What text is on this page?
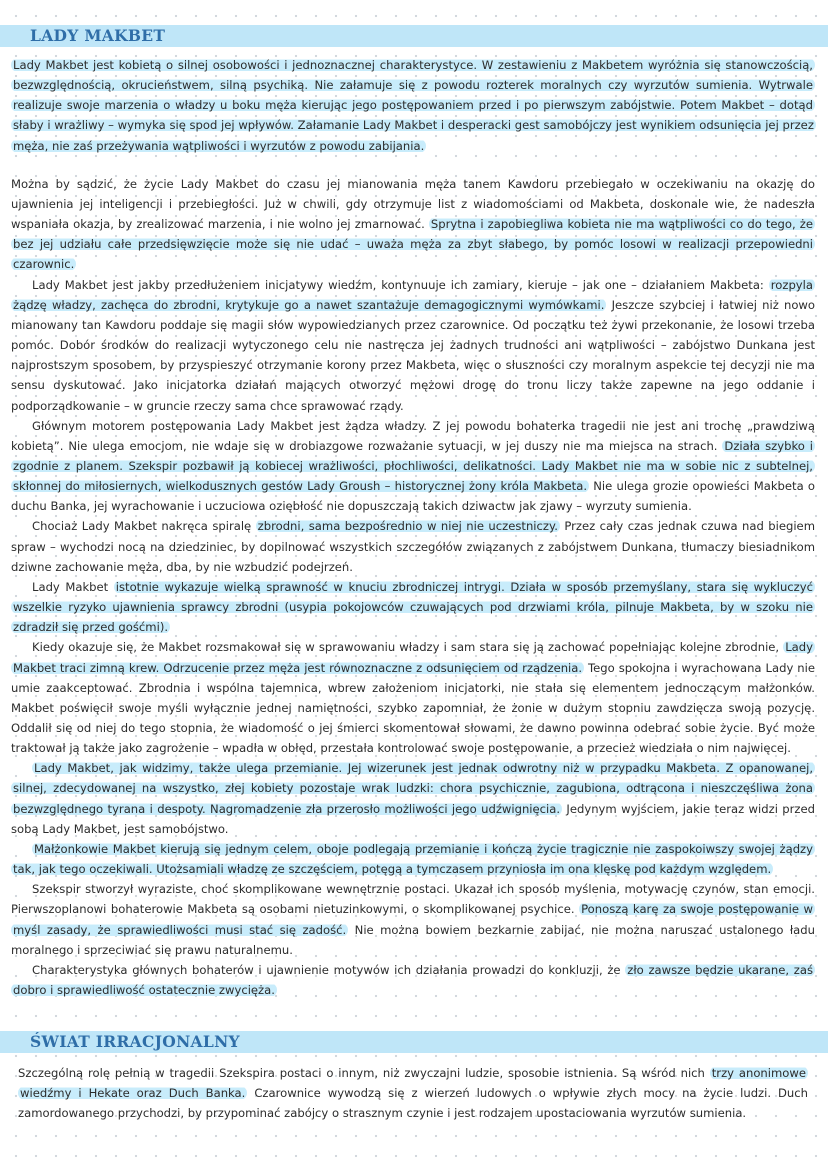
LADY MAKBET

Lady Makbet jest kobietą o silnej osobowości i jednoznacznej charakterystyce. W zestawieniu z Makbetem wyróżnia się stanowczością, bezwzględnością, okrucieństwem, silną psychiką. Nie załamuje się z powodu rozterek moralnych czy wyrzutów sumienia. Wytrwale realizuje swoje marzenia o władzy u boku męża kierując jego postępowaniem przed i po pierwszym zabójstwie. Potem Makbet – dotąd słaby i wrażliwy – wymyka się spod jej wpływów. Załamanie Lady Makbet i desperacki gest samobójczy jest wynikiem odsunięcia jej przez męża, nie zaś przeżywania wątpliwości i wyrzutów z powodu zabijania.

Można by sądzić, że życie Lady Makbet do czasu jej mianowania męża tanem Kawdoru przebiegało w oczekiwaniu na okazję do ujawnienia jej inteligencji i przebiegłości. Już w chwili, gdy otrzymuje list z wiadomościami od Makbeta, doskonale wie, że nadeszła wspaniała okazja, by zrealizować marzenia, i nie wolno jej zmarnować. Sprytna i zapobiegliwa kobieta nie ma wątpliwości co do tego, że bez jej udziału całe przedsięwzięcie może się nie udać – uważa męża za zbyt słabego, by pomóc losowi w realizacji przepowiedni czarownic.

Lady Makbet jest jakby przedłużeniem inicjatywy wiedźm, kontynuuje ich zamiary, kieruje – jak one – działaniem Makbeta: rozpyla żądzę władzy, zachęca do zbrodni, krytykuje go a nawet szantażuje demagogicznymi wymówkami. Jeszcze szybciej i łatwiej niż nowo mianowany tan Kawdoru poddaje się magii słów wypowiedzianych przez czarownice. Od początku też żywi przekonanie, że losowi trzeba pomóc. Dobór środków do realizacji wytyczonego celu nie nastręcza jej żadnych trudności ani wątpliwości – zabójstwo Dunkana jest najprostszym sposobem, by przyspieszyć otrzymanie korony przez Makbeta, więc o słuszności czy moralnym aspekcie tej decyzji nie ma sensu dyskutować. Jako inicjatorka działań mających otworzyć mężowi drogę do tronu liczy także zapewne na jego oddanie i podporządkowanie – w gruncie rzeczy sama chce sprawować rządy.

Głównym motorem postępowania Lady Makbet jest żądza władzy. Z jej powodu bohaterka tragedii nie jest ani trochę „prawdziwą kobietą”. Nie ulega emocjom, nie wdaje się w drobiazgowe rozważanie sytuacji, w jej duszy nie ma miejsca na strach. Działa szybko i zgodnie z planem. Szekspir pozbawił ją kobiecej wrażliwości, płochliwości, delikatności. Lady Makbet nie ma w sobie nic z subtelnej, skłonnej do miłosiernych, wielkodusznych gestów Lady Groush – historycznej żony króla Makbeta. Nie ulega grozie opowieści Makbeta o duchu Banka, jej wyrachowanie i uczuciowa oziębłość nie dopuszczają takich dziwactw jak zjawy – wyrzuty sumienia.

Chociaż Lady Makbet nakręca spiralę zbrodni, sama bezpośrednio w niej nie uczestniczy. Przez cały czas jednak czuwa nad biegiem spraw – wychodzi nocą na dziedziniec, by dopilnować wszystkich szczegółów związanych z zabójstwem Dunkana, tłumaczy biesiadnikom dziwne zachowanie męża, dba, by nie wzbudzić podejrzeń.

Lady Makbet istotnie wykazuje wielką sprawność w knuciu zbrodniczej intrygi. Działa w sposób przemyślany, stara się wykluczyć wszelkie ryzyko ujawnienia sprawcy zbrodni (usypia pokojowców czuwających pod drzwiami króla, pilnuje Makbeta, by w szoku nie zdradził się przed gośćmi).

Kiedy okazuje się, że Makbet rozsmakował się w sprawowaniu władzy i sam stara się ją zachować popełniając kolejne zbrodnie, Lady Makbet traci zimną krew. Odrzucenie przez męża jest równoznaczne z odsunięciem od rządzenia. Tego spokojna i wyrachowana Lady nie umie zaakceptować. Zbrodnia i wspólna tajemnica, wbrew założeniom inicjatorki, nie stała się elementem jednoczącym małżonków. Makbet poświęcił swoje myśli wyłącznie jednej namiętności, szybko zapomniał, że żonie w dużym stopniu zawdzięcza swoją pozycję. Oddalił się od niej do tego stopnia, że wiadomość o jej śmierci skomentował słowami, że dawno powinna odebrać sobie życie. Być może traktował ją także jako zagrożenie – wpadła w obłęd, przestała kontrolować swoje postępowanie, a przecież wiedziała o nim najwięcej.

Lady Makbet, jak widzimy, także ulega przemianie. Jej wizerunek jest jednak odwrotny niż w przypadku Makbeta. Z opanowanej, silnej, zdecydowanej na wszystko, złej kobiety pozostaje wrak ludzki: chora psychicznie, zagubiona, odtrącona i nieszczęśliwa żona bezwzględnego tyrana i despoty. Nagromadzenie zła przerosło możliwości jego udźwignięcia. Jedynym wyjściem, jakie teraz widzi przed sobą Lady Makbet, jest samobójstwo.

Małżonkowie Makbet kierują się jednym celem, oboje podlegają przemianie i kończą życie tragicznie nie zaspokoiwszy swojej żądzy tak, jak tego oczekiwali. Utożsamiali władzę ze szczęściem, potęgą a tymczasem przyniosła im ona klęskę pod każdym względem.

Szekspir stworzył wyraziste, choć skomplikowane wewnętrznie postaci. Ukazał ich sposób myślenia, motywację czynów, stan emocji. Pierwszoplanowi bohaterowie Makbeta są osobami nietuzinkowymi, o skomplikowanej psychice. Ponoszą karę za swoje postępowanie w myśl zasady, że sprawiedliwości musi stać się zadość. Nie można bowiem bezkarnie zabijać, nie można naruszać ustalonego ładu moralnego i sprzeciwiać się prawu naturalnemu.

Charakterystyka głównych bohaterów i ujawnienie motywów ich działania prowadzi do konkluzji, że zło zawsze będzie ukarane, zaś dobro i sprawiedliwość ostatecznie zwycięża.

ŚWIAT IRRACJONALNY

Szczególną rolę pełnią w tragedii Szekspira postaci o innym, niż zwyczajni ludzie, sposobie istnienia. Są wśród nich trzy anonimowe wiedźmy i Hekate oraz Duch Banka. Czarownice wywodzą się z wierzeń ludowych o wpływie złych mocy na życie ludzi. Duch zamordowanego przychodzi, by przypominać zabójcy o strasznym czynie i jest rodzajem upostaciowania wyrzutów sumienia.
